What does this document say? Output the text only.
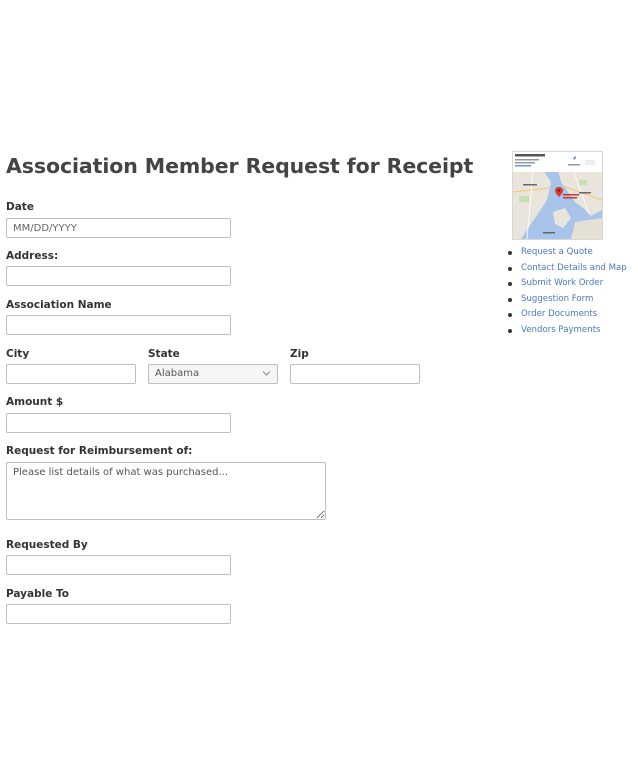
Association Member Request for Receipt
Date
MM/DD/YYYY
Address:
Association Name
City	State
Alabama
Zip
Amount $
Request for Reimbursement of:
Please list details of what was purchased...
Requested By
Payable To
Request a Quote
Contact Details and Map
Submit Work Order
Suggestion Form
Order Documents
Vendors Payments
